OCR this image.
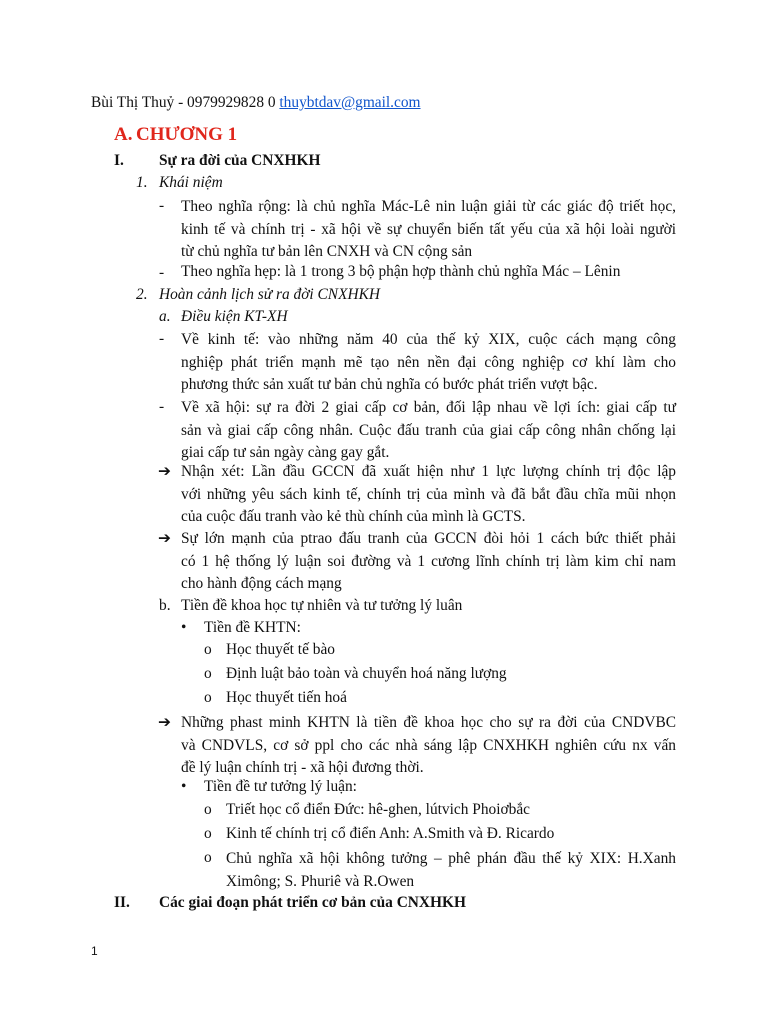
Bùi Thị Thuỷ - 0979929828 0 thuybtdav@gmail.com
A. CHƯƠNG 1
I. Sự ra đời của CNXHKH
1. Khái niệm
- Theo nghĩa rộng: là chủ nghĩa Mác-Lê nin luận giải từ các giác độ triết học,
kinh tế và chính trị - xã hội về sự chuyển biến tất yếu của xã hội loài người
từ chủ nghĩa tư bản lên CNXH và CN cộng sản
- Theo nghĩa hẹp: là 1 trong 3 bộ phận hợp thành chủ nghĩa Mác – Lênin
2. Hoàn cảnh lịch sử ra đời CNXHKH
a. Điều kiện KT-XH
- Về kinh tế: vào những năm 40 của thế kỷ XIX, cuộc cách mạng công
nghiệp phát triển mạnh mẽ tạo nên nền đại công nghiệp cơ khí làm cho
phương thức sản xuất tư bản chủ nghĩa có bước phát triển vượt bậc.
- Về xã hội: sự ra đời 2 giai cấp cơ bản, đối lập nhau về lợi ích: giai cấp tư
sản và giai cấp công nhân. Cuộc đấu tranh của giai cấp công nhân chống lại
giai cấp tư sản ngày càng gay gắt.
➔ Nhận xét: Lần đầu GCCN đã xuất hiện như 1 lực lượng chính trị độc lập
với những yêu sách kinh tế, chính trị của mình và đã bắt đầu chĩa mũi nhọn
của cuộc đấu tranh vào kẻ thù chính của mình là GCTS.
➔ Sự lớn mạnh của ptrao đấu tranh của GCCN đòi hỏi 1 cách bức thiết phải
có 1 hệ thống lý luận soi đường và 1 cương lĩnh chính trị làm kim chỉ nam
cho hành động cách mạng
b. Tiền đề khoa học tự nhiên và tư tưởng lý luân
• Tiền đề KHTN:
o Học thuyết tế bào
o Định luật bảo toàn và chuyển hoá năng lượng
o Học thuyết tiến hoá
➔ Những phast minh KHTN là tiền đề khoa học cho sự ra đời của CNDVBC
và CNDVLS, cơ sở ppl cho các nhà sáng lập CNXHKH nghiên cứu nx vấn
đề lý luận chính trị - xã hội đương thời.
• Tiền đề tư tưởng lý luận:
o Triết học cổ điển Đức: hê-ghen, lútvich Phoiơbắc
o Kinh tế chính trị cổ điển Anh: A.Smith và Đ. Ricardo
o Chủ nghĩa xã hội không tưởng – phê phán đầu thế kỷ XIX: H.Xanh
Ximông; S. Phuriê và R.Owen
II. Các giai đoạn phát triển cơ bản của CNXHKH
1
